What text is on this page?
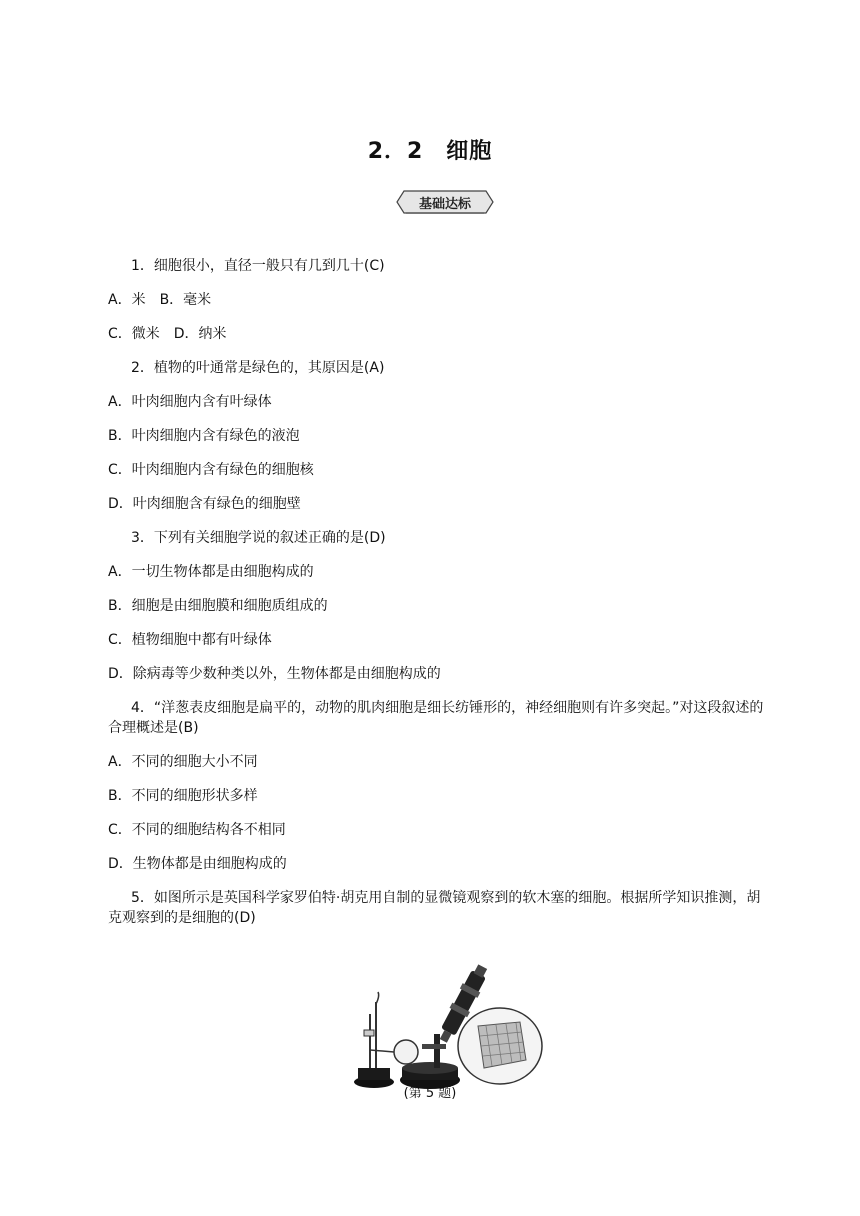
2．2　细胞
基础达标
1．细胞很小，直径一般只有几到几十(C)
A．米　B．毫米
C．微米　D．纳米
2．植物的叶通常是绿色的，其原因是(A)
A．叶肉细胞内含有叶绿体
B．叶肉细胞内含有绿色的液泡
C．叶肉细胞内含有绿色的细胞核
D．叶肉细胞含有绿色的细胞壁
3．下列有关细胞学说的叙述正确的是(D)
A．一切生物体都是由细胞构成的
B．细胞是由细胞膜和细胞质组成的
C．植物细胞中都有叶绿体
D．除病毒等少数种类以外，生物体都是由细胞构成的
4．“洋葱表皮细胞是扁平的，动物的肌肉细胞是细长纺锤形的，神经细胞则有许多突起。”对这段叙述的合理概述是(B)
A．不同的细胞大小不同
B．不同的细胞形状多样
C．不同的细胞结构各不相同
D．生物体都是由细胞构成的
5．如图所示是英国科学家罗伯特·胡克用自制的显微镜观察到的软木塞的细胞。根据所学知识推测，胡克观察到的是细胞的(D)
(第 5 题)
